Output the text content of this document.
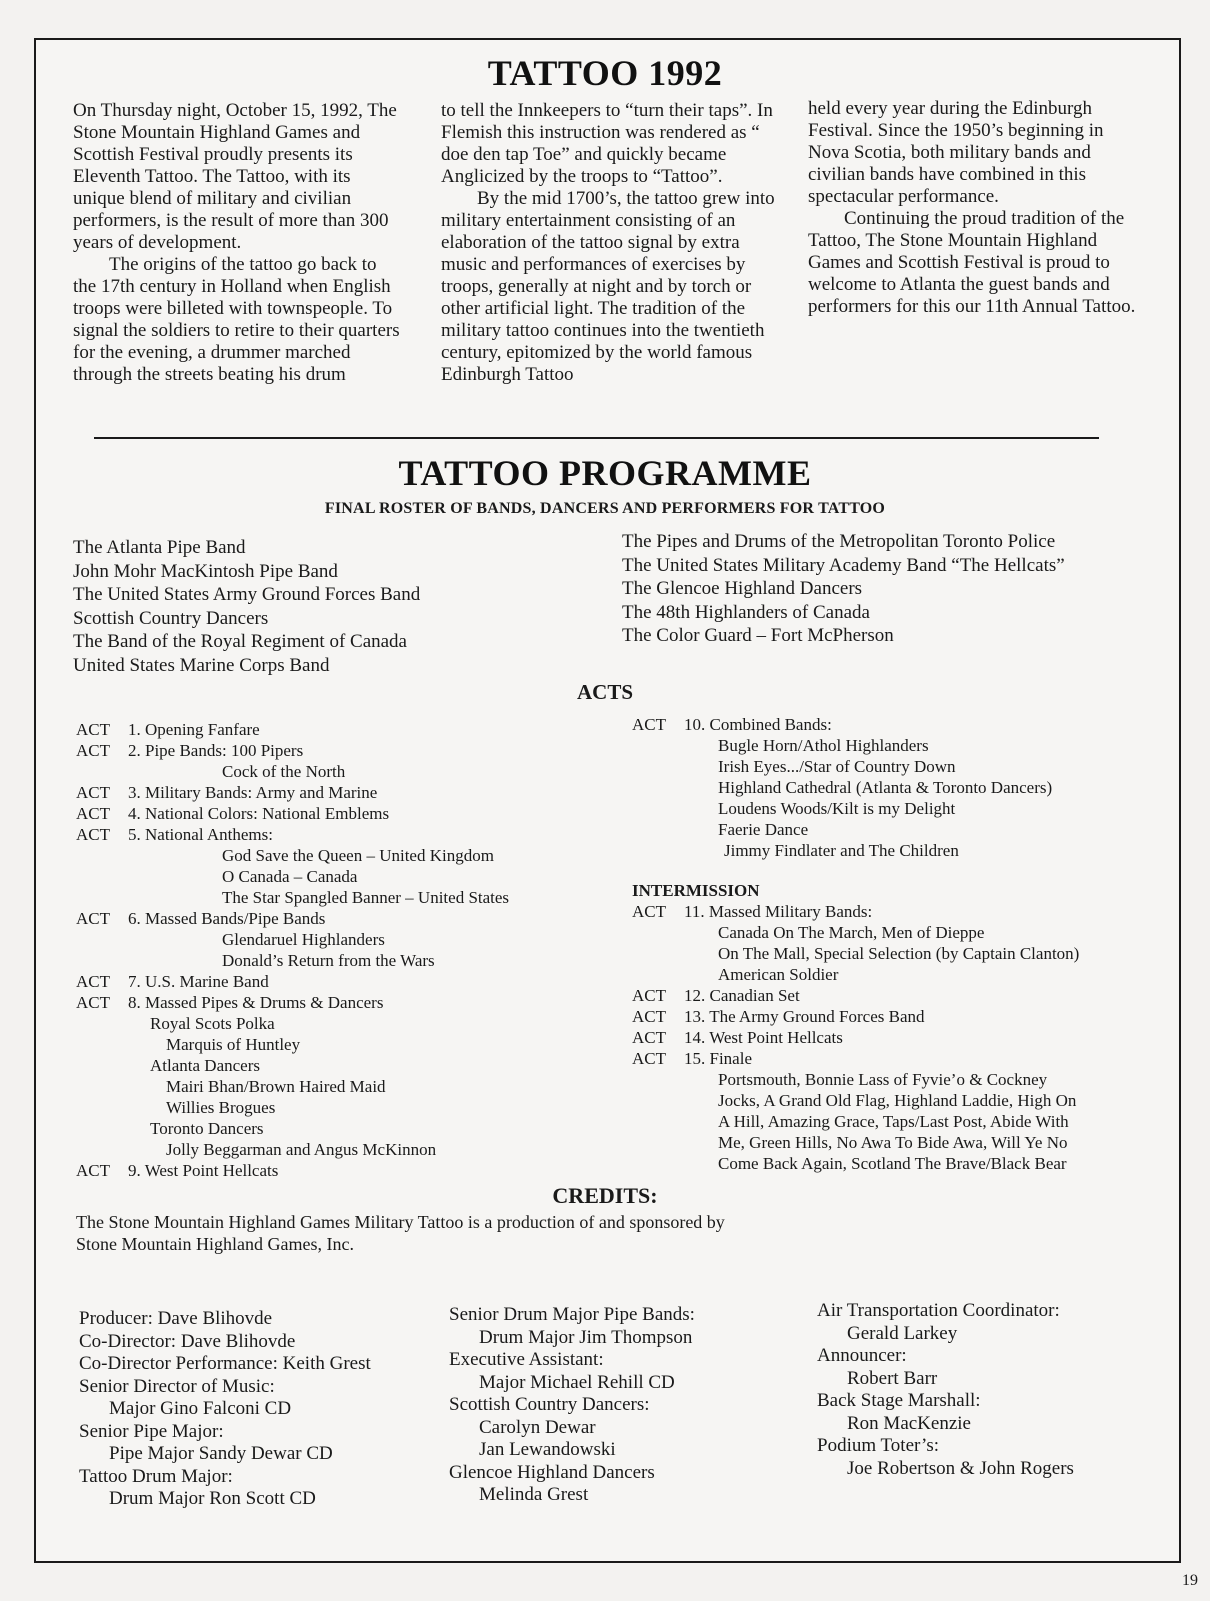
TATTOO 1992

On Thursday night, October 15, 1992, The Stone Mountain Highland Games and Scottish Festival proudly presents its Eleventh Tattoo. The Tattoo, with its unique blend of military and civilian performers, is the result of more than 300 years of development.

The origins of the tattoo go back to the 17th century in Holland when English troops were billeted with townspeople. To signal the soldiers to retire to their quarters for the evening, a drummer marched through the streets beating his drum

to tell the Innkeepers to “turn their taps”. In Flemish this instruction was rendered as “ doe den tap Toe” and quickly became Anglicized by the troops to “Tattoo”.

By the mid 1700’s, the tattoo grew into military entertainment consisting of an elaboration of the tattoo signal by extra music and performances of exercises by troops, generally at night and by torch or other artificial light. The tradition of the military tattoo continues into the twentieth century, epitomized by the world famous Edinburgh Tattoo

held every year during the Edinburgh Festival. Since the 1950’s beginning in Nova Scotia, both military bands and civilian bands have combined in this spectacular performance.

Continuing the proud tradition of the Tattoo, The Stone Mountain Highland Games and Scottish Festival is proud to welcome to Atlanta the guest bands and performers for this our 11th Annual Tattoo.

TATTOO PROGRAMME
FINAL ROSTER OF BANDS, DANCERS AND PERFORMERS FOR TATTOO
The Atlanta Pipe Band
John Mohr MacKintosh Pipe Band
The United States Army Ground Forces Band
Scottish Country Dancers
The Band of the Royal Regiment of Canada
United States Marine Corps Band
The Pipes and Drums of the Metropolitan Toronto Police
The United States Military Academy Band “The Hellcats”
The Glencoe Highland Dancers
The 48th Highlanders of Canada
The Color Guard – Fort McPherson
ACTS
ACT	1. Opening Fanfare
ACT	2. Pipe Bands: 100 Pipers
Cock of the North
ACT	3. Military Bands: Army and Marine
ACT	4. National Colors: National Emblems
ACT	5. National Anthems:
God Save the Queen – United Kingdom
O Canada – Canada
The Star Spangled Banner – United States
ACT	6. Massed Bands/Pipe Bands
Glendaruel Highlanders
Donald’s Return from the Wars
ACT	7. U.S. Marine Band
ACT	8. Massed Pipes & Drums & Dancers
Royal Scots Polka
Marquis of Huntley
Atlanta Dancers
Mairi Bhan/Brown Haired Maid
Willies Brogues
Toronto Dancers
Jolly Beggarman and Angus McKinnon
ACT	9. West Point Hellcats
ACT	10. Combined Bands:
Bugle Horn/Athol Highlanders
Irish Eyes.../Star of Country Down
Highland Cathedral (Atlanta & Toronto Dancers)
Loudens Woods/Kilt is my Delight
Faerie Dance
Jimmy Findlater and The Children
INTERMISSION
ACT	11. Massed Military Bands:
Canada On The March, Men of Dieppe
On The Mall, Special Selection (by Captain Clanton)
American Soldier
ACT	12. Canadian Set
ACT	13. The Army Ground Forces Band
ACT	14. West Point Hellcats
ACT	15. Finale
Portsmouth, Bonnie Lass of Fyvie’o & Cockney
Jocks, A Grand Old Flag, Highland Laddie, High On
A Hill, Amazing Grace, Taps/Last Post, Abide With
Me, Green Hills, No Awa To Bide Awa, Will Ye No
Come Back Again, Scotland The Brave/Black Bear
CREDITS:
The Stone Mountain Highland Games Military Tattoo is a production of and sponsored by
Stone Mountain Highland Games, Inc.
Producer: Dave Blihovde
Co-Director: Dave Blihovde
Co-Director Performance: Keith Grest
Senior Director of Music:
Major Gino Falconi CD
Senior Pipe Major:
Pipe Major Sandy Dewar CD
Tattoo Drum Major:
Drum Major Ron Scott CD
Senior Drum Major Pipe Bands:
Drum Major Jim Thompson
Executive Assistant:
Major Michael Rehill CD
Scottish Country Dancers:
Carolyn Dewar
Jan Lewandowski
Glencoe Highland Dancers
Melinda Grest
Air Transportation Coordinator:
Gerald Larkey
Announcer:
Robert Barr
Back Stage Marshall:
Ron MacKenzie
Podium Toter’s:
Joe Robertson & John Rogers
19
